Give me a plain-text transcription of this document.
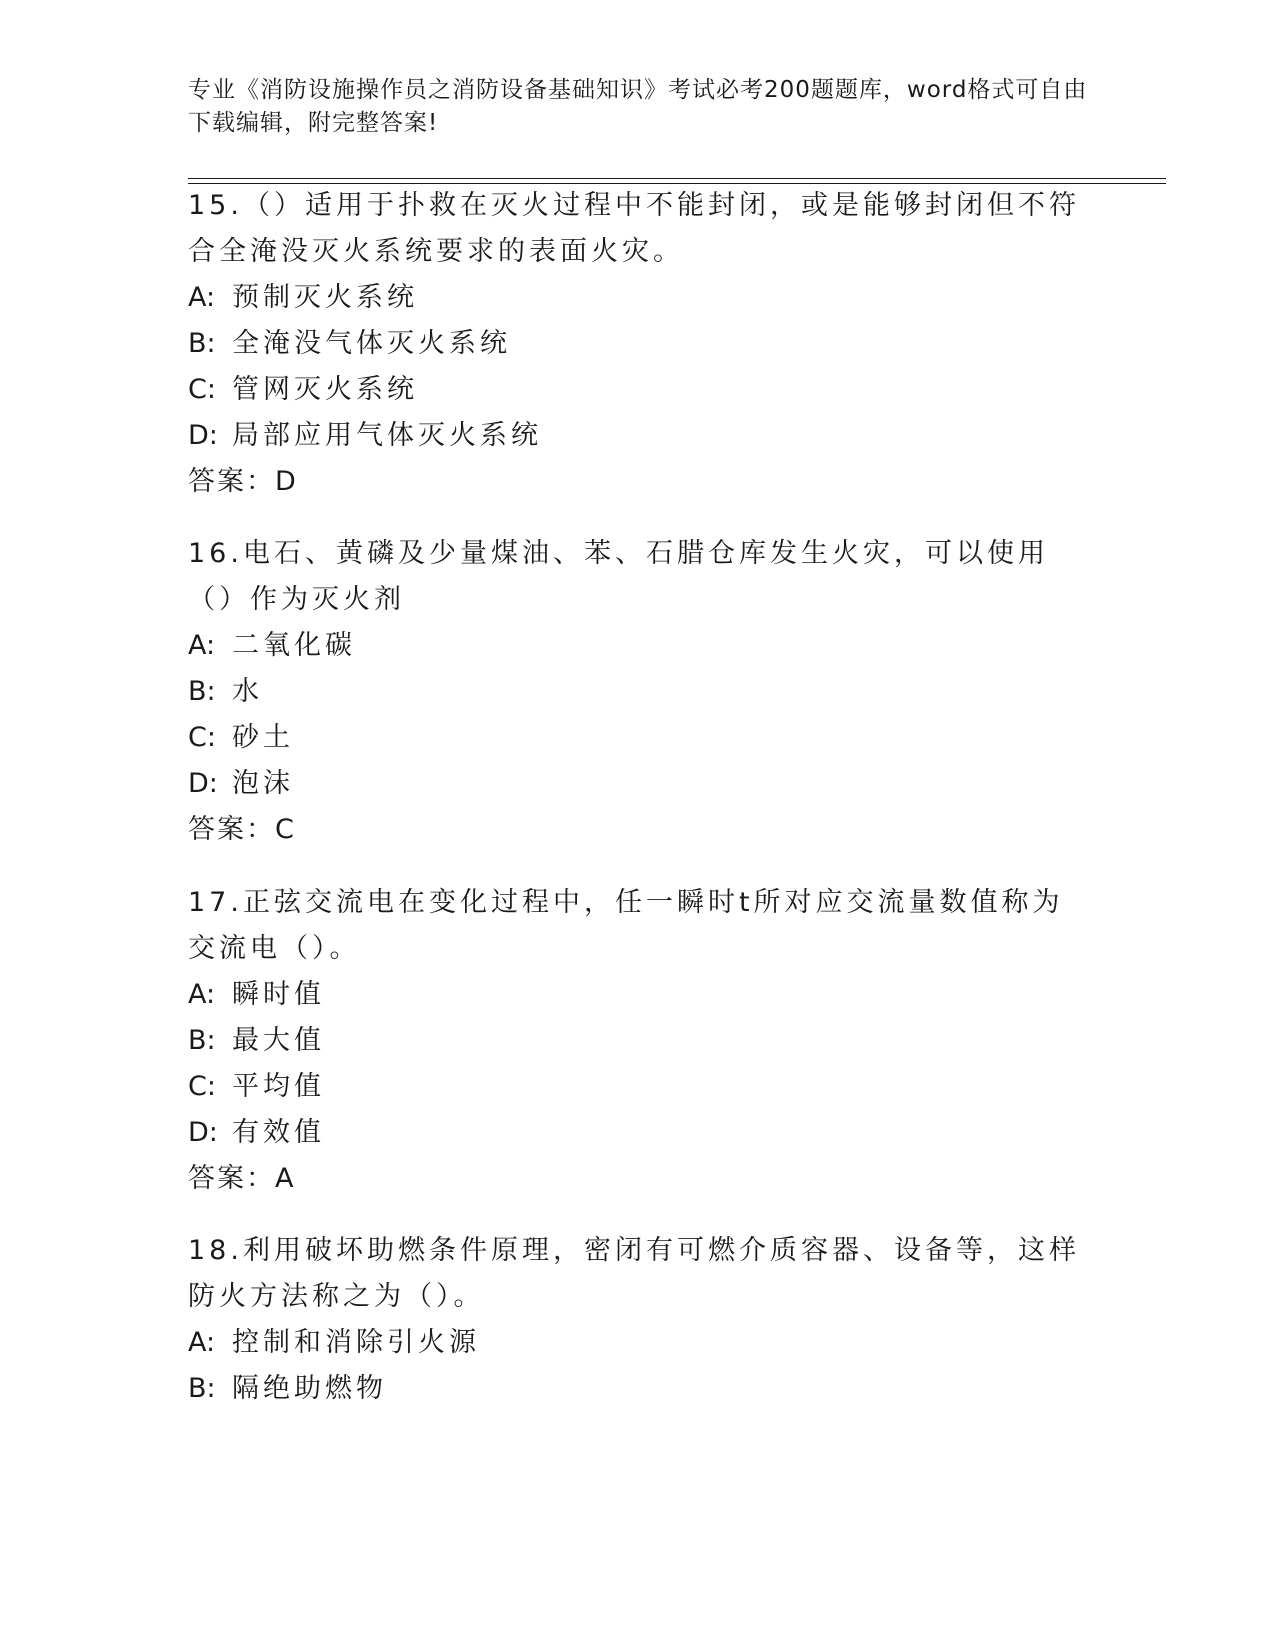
专业《消防设施操作员之消防设备基础知识》考试必考200题题库，word格式可自由下载编辑，附完整答案!

15.（）适用于扑救在灭火过程中不能封闭，或是能够封闭但不符合全淹没灭火系统要求的表面火灾。

A: 预制灭火系统

B: 全淹没气体灭火系统

C: 管网灭火系统

D: 局部应用气体灭火系统

答案：D

16.电石、黄磷及少量煤油、苯、石腊仓库发生火灾，可以使用（）作为灭火剂

A: 二氧化碳

B: 水

C: 砂土

D: 泡沫

答案：C

17.正弦交流电在变化过程中，任一瞬时t所对应交流量数值称为交流电（）。

A: 瞬时值

B: 最大值

C: 平均值

D: 有效值

答案：A

18.利用破坏助燃条件原理，密闭有可燃介质容器、设备等，这样防火方法称之为（）。

A: 控制和消除引火源

B: 隔绝助燃物
